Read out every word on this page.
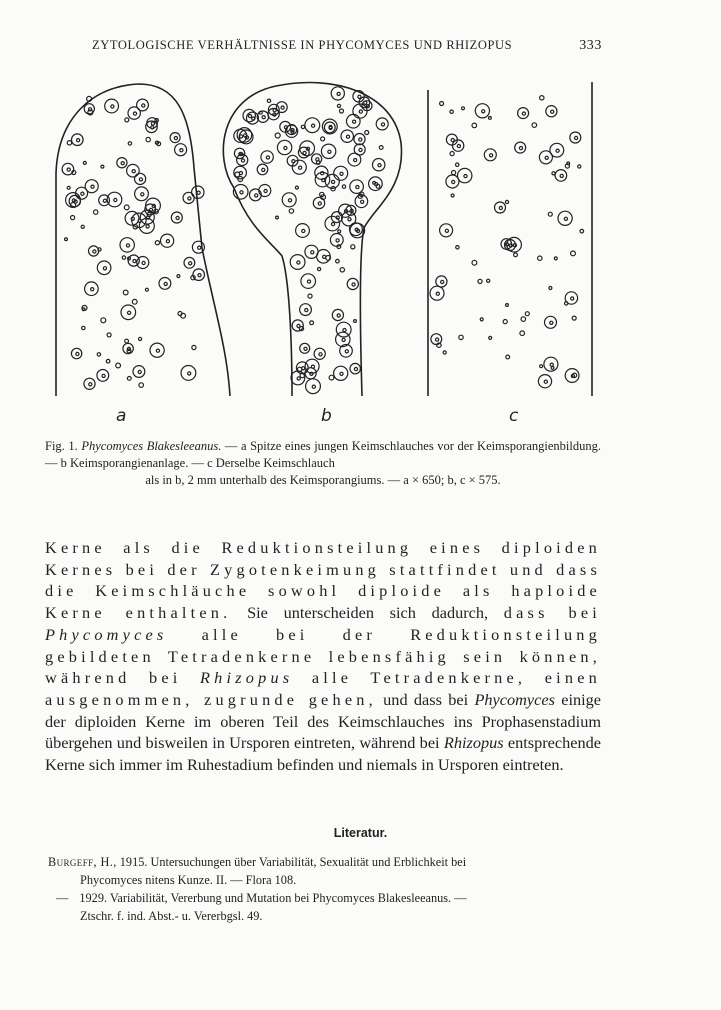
ZYTOLOGISCHE VERHÄLTNISSE IN PHYCOMYCES UND RHIZOPUS	333
a	b	c
Fig. 1. Phycomyces Blakesleeanus. — a Spitze eines jungen Keimschlauches vor der Keimsporangienbildung. — b Keimsporangienanlage. — c Derselbe Keimschlauch
als in b, 2 mm unterhalb des Keimsporangiums. — a × 650; b, c × 575.
Kerne als die Reduktionsteilung eines diploiden Kernes bei der Zygotenkeimung stattfindet und dass die Keimschläuche sowohl diploide als haploide Kerne enthalten. Sie unterscheiden sich dadurch, dass bei Phycomyces alle bei der Reduktionsteilung gebildeten Tetradenkerne lebensfähig sein können, während bei Rhizopus alle Tetradenkerne, einen ausgenommen, zugrunde gehen, und dass bei Phycomyces einige der diploiden Kerne im oberen Teil des Keimschlauches ins Prophasenstadium übergehen und bisweilen in Ursporen eintreten, während bei Rhizopus entsprechende Kerne sich immer im Ruhestadium befinden und niemals in Ursporen eintreten.
Literatur.
Burgeff, H., 1915. Untersuchungen über Variabilität, Sexualität und Erblichkeit bei
Phycomyces nitens Kunze. II. — Flora 108.
— 1929. Variabilität, Vererbung und Mutation bei Phycomyces Blakesleeanus. —
Ztschr. f. ind. Abst.- u. Vererbgsl. 49.
